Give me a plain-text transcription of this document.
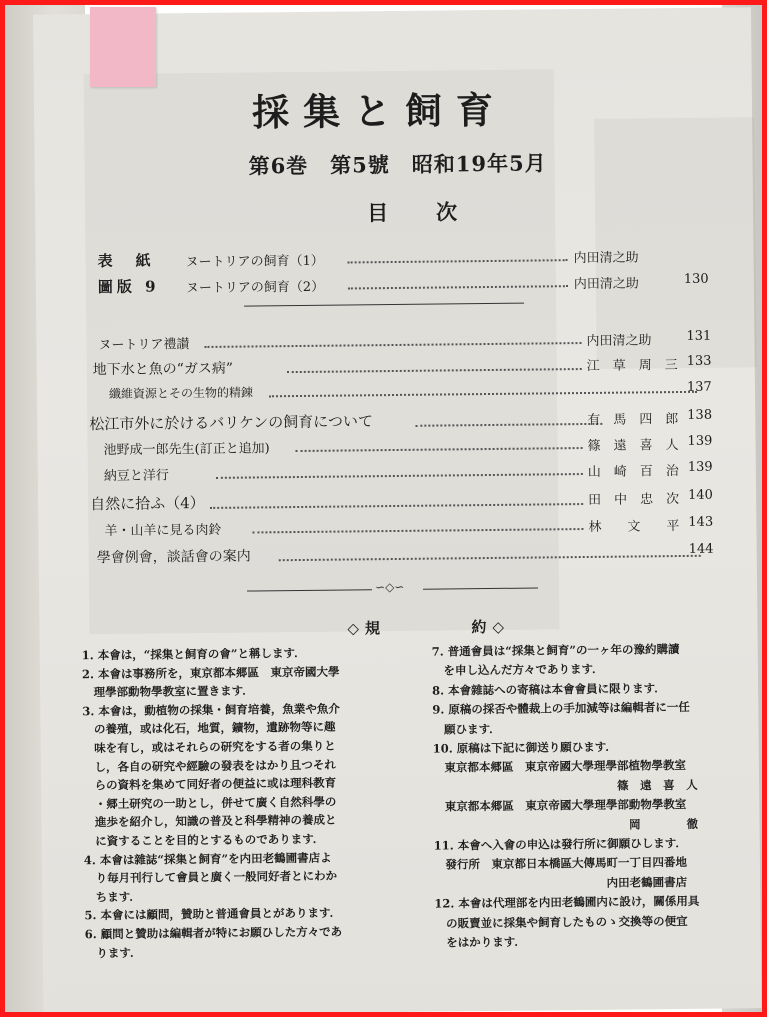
採集と飼育
第6巻　第5號　昭和19年5月
目次
表　紙 ヌートリアの飼育（1）	内田清之助
圖版 9 ヌートリアの飼育（2）	内田清之助	130
ヌートリア禮讃	内田清之助	131
地下水と魚の“ガス病”	江　草　周　三 133
纖維資源とその生物的精錬	137
松江市外に於けるバリケンの飼育について	有　馬　四　郎 138
池野成一郎先生(訂正と追加)	篠　遠　喜　人 139
納豆と洋行	山　崎　百　治 139
自然に拾ふ（4）	田　中　忠　次 140
羊・山羊に見る肉鈴	林　　文　　平 143
學會例會，談話會の案内	144
∽◇∽
◇規	約◇
1. 本會は，“採集と飼育の會”と稱します．
2. 本會は事務所を，東京都本郷區　東京帝國大學
　理學部動物學教室に置きます．
3. 本會は，動植物の採集・飼育培養，魚業や魚介
　の養殖，或は化石，地質，鑛物，遺跡物等に趣
　味を有し，或はそれらの研究をする者の集りと
　し，各自の研究や經驗の發表をはかり且つそれ
　らの資料を集めて同好者の便益に或は理科教育
　・郷土研究の一助とし，併せて廣く自然科學の
　進歩を紹介し，知識の普及と科學精神の養成と
　に資することを目的とするものであります．
4. 本會は雜誌“採集と飼育”を内田老鶴圃書店よ
　り毎月刊行して會員と廣く一般同好者とにわか
　ちます．
5. 本會には顧問，贊助と普通會員とがあります．
6. 顧問と贊助は編輯者が特にお願ひした方々であ
　ります．
7. 普通會員は“採集と飼育”の一ヶ年の豫約購讀
　を申し込んだ方々であります．
8. 本會雜誌への寄稿は本會會員に限ります．
9. 原稿の採否や體裁上の手加減等は編輯者に一任
　願ひます．
10. 原稿は下記に御送り願ひます．
　東京都本郷區　東京帝國大學理學部植物學教室
　　　　　　　　　　　　　　　　篠　遠　喜　人
　東京都本郷區　東京帝國大學理學部動物學教室
　　　　　　　　　　　　　　　　　岡　　　　徹
11. 本會へ入會の申込は發行所に御願ひします．
　發行所　東京都日本橋區大傳馬町一丁目四番地
　　　　　　　　　　　　　　　内田老鶴圃書店
12. 本會は代理部を内田老鶴圃内に設け，關係用具
　の販賣並に採集や飼育したものゝ交換等の便宜
　をはかります．
